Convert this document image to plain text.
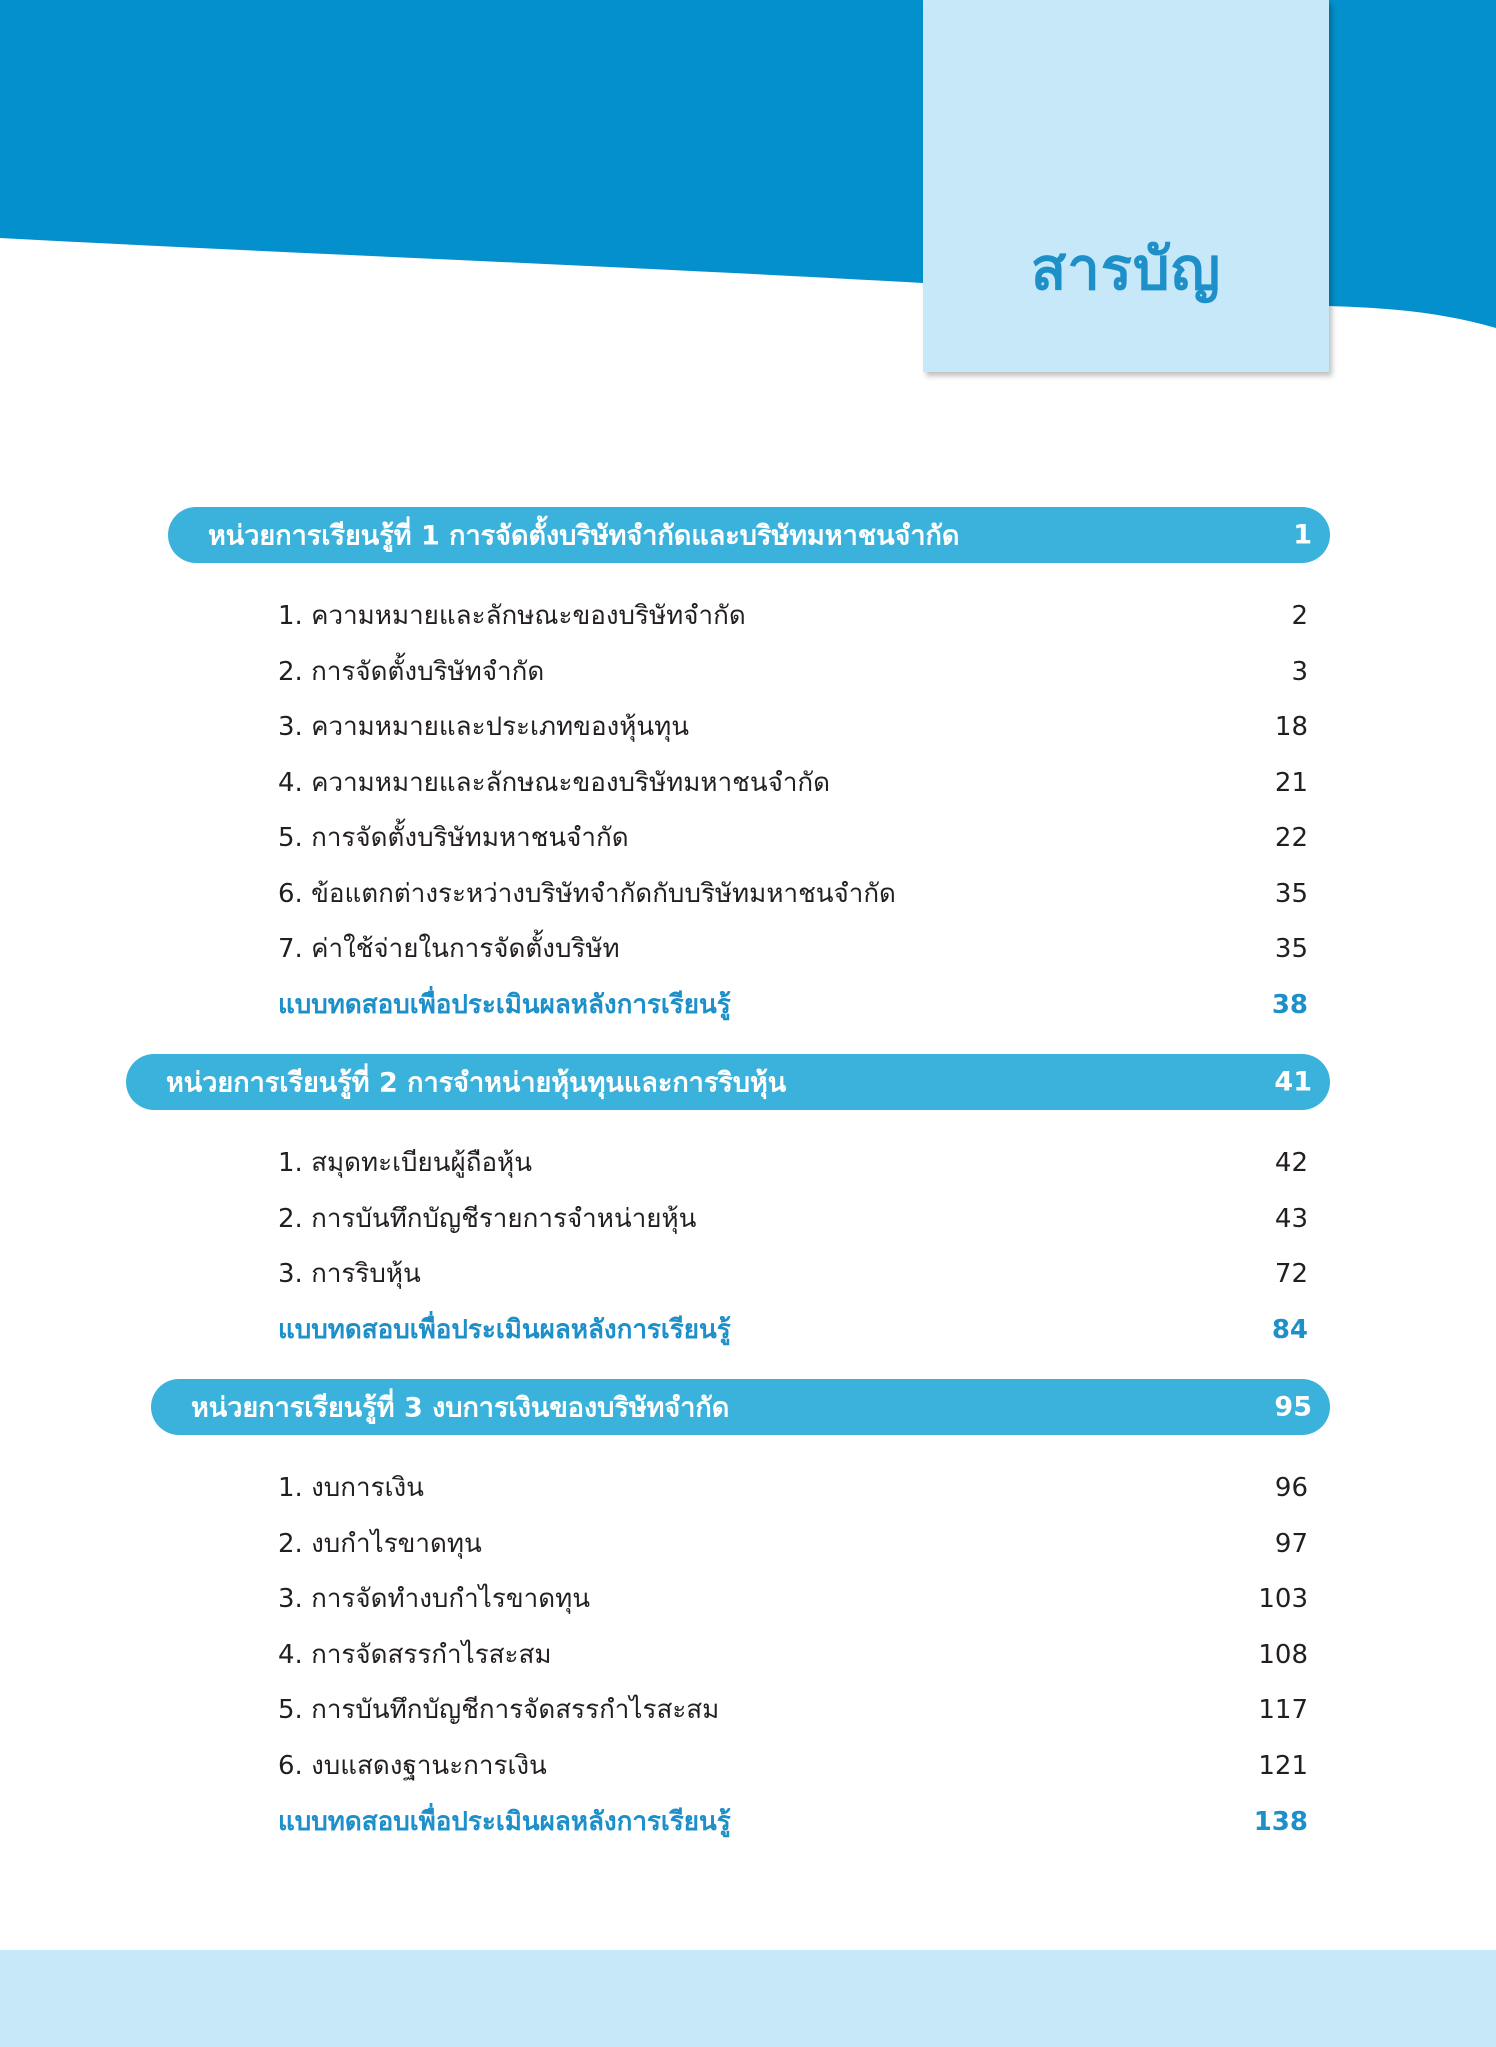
สารบัญ
หน่วยการเรียนรู้ที่ 1 การจัดตั้งบริษัทจำกัดและบริษัทมหาชนจำกัด	1
1. ความหมายและลักษณะของบริษัทจำกัด	2
2. การจัดตั้งบริษัทจำกัด	3
3. ความหมายและประเภทของหุ้นทุน	18
4. ความหมายและลักษณะของบริษัทมหาชนจำกัด	21
5. การจัดตั้งบริษัทมหาชนจำกัด	22
6. ข้อแตกต่างระหว่างบริษัทจำกัดกับบริษัทมหาชนจำกัด	35
7. ค่าใช้จ่ายในการจัดตั้งบริษัท	35
แบบทดสอบเพื่อประเมินผลหลังการเรียนรู้	38
หน่วยการเรียนรู้ที่ 2 การจำหน่ายหุ้นทุนและการริบหุ้น	41
1. สมุดทะเบียนผู้ถือหุ้น	42
2. การบันทึกบัญชีรายการจำหน่ายหุ้น	43
3. การริบหุ้น	72
แบบทดสอบเพื่อประเมินผลหลังการเรียนรู้	84
หน่วยการเรียนรู้ที่ 3 งบการเงินของบริษัทจำกัด	95
1. งบการเงิน	96
2. งบกำไรขาดทุน	97
3. การจัดทำงบกำไรขาดทุน	103
4. การจัดสรรกำไรสะสม	108
5. การบันทึกบัญชีการจัดสรรกำไรสะสม	117
6. งบแสดงฐานะการเงิน	121
แบบทดสอบเพื่อประเมินผลหลังการเรียนรู้	138
